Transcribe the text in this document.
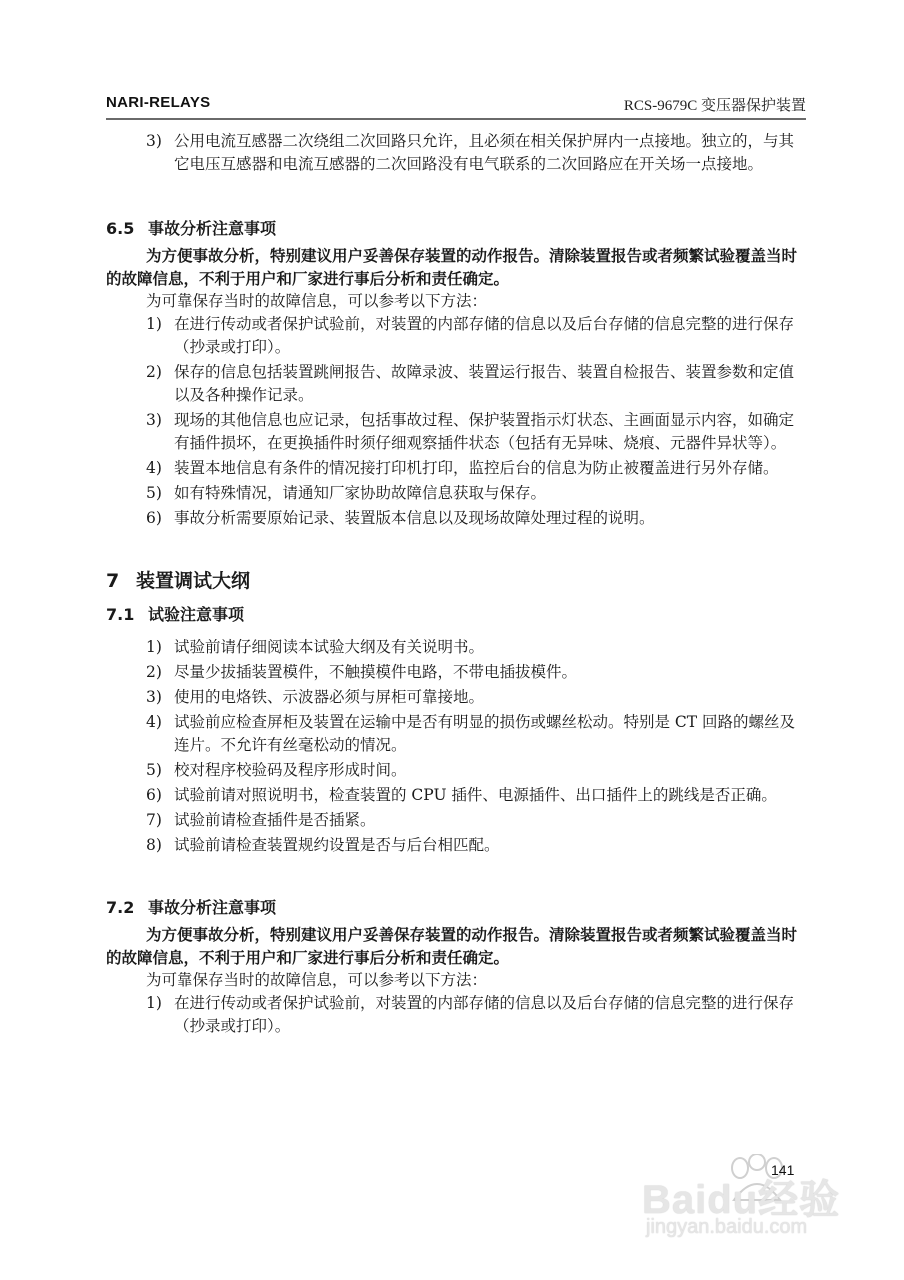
NARI-RELAYS	RCS-9679C 变压器保护装置
3) 公用电流互感器二次绕组二次回路只允许，且必须在相关保护屏内一点接地。独立的，与其它电压互感器和电流互感器的二次回路没有电气联系的二次回路应在开关场一点接地。
6.5 事故分析注意事项
为方便事故分析，特别建议用户妥善保存装置的动作报告。清除装置报告或者频繁试验覆盖当时的故障信息，不利于用户和厂家进行事后分析和责任确定。
为可靠保存当时的故障信息，可以参考以下方法：
1) 在进行传动或者保护试验前，对装置的内部存储的信息以及后台存储的信息完整的进行保存（抄录或打印）。
2) 保存的信息包括装置跳闸报告、故障录波、装置运行报告、装置自检报告、装置参数和定值以及各种操作记录。
3) 现场的其他信息也应记录，包括事故过程、保护装置指示灯状态、主画面显示内容，如确定有插件损坏，在更换插件时须仔细观察插件状态（包括有无异味、烧痕、元器件异状等）。
4) 装置本地信息有条件的情况接打印机打印，监控后台的信息为防止被覆盖进行另外存储。
5) 如有特殊情况，请通知厂家协助故障信息获取与保存。
6) 事故分析需要原始记录、装置版本信息以及现场故障处理过程的说明。
7 装置调试大纲
7.1 试验注意事项
1) 试验前请仔细阅读本试验大纲及有关说明书。
2) 尽量少拔插装置模件，不触摸模件电路，不带电插拔模件。
3) 使用的电烙铁、示波器必须与屏柜可靠接地。
4) 试验前应检查屏柜及装置在运输中是否有明显的损伤或螺丝松动。特别是 CT 回路的螺丝及连片。不允许有丝毫松动的情况。
5) 校对程序校验码及程序形成时间。
6) 试验前请对照说明书，检查装置的 CPU 插件、电源插件、出口插件上的跳线是否正确。
7) 试验前请检查插件是否插紧。
8) 试验前请检查装置规约设置是否与后台相匹配。
7.2 事故分析注意事项
为方便事故分析，特别建议用户妥善保存装置的动作报告。清除装置报告或者频繁试验覆盖当时的故障信息，不利于用户和厂家进行事后分析和责任确定。
为可靠保存当时的故障信息，可以参考以下方法：
1) 在进行传动或者保护试验前，对装置的内部存储的信息以及后台存储的信息完整的进行保存（抄录或打印）。
Baidu经验
jingyan.baidu.com
141
